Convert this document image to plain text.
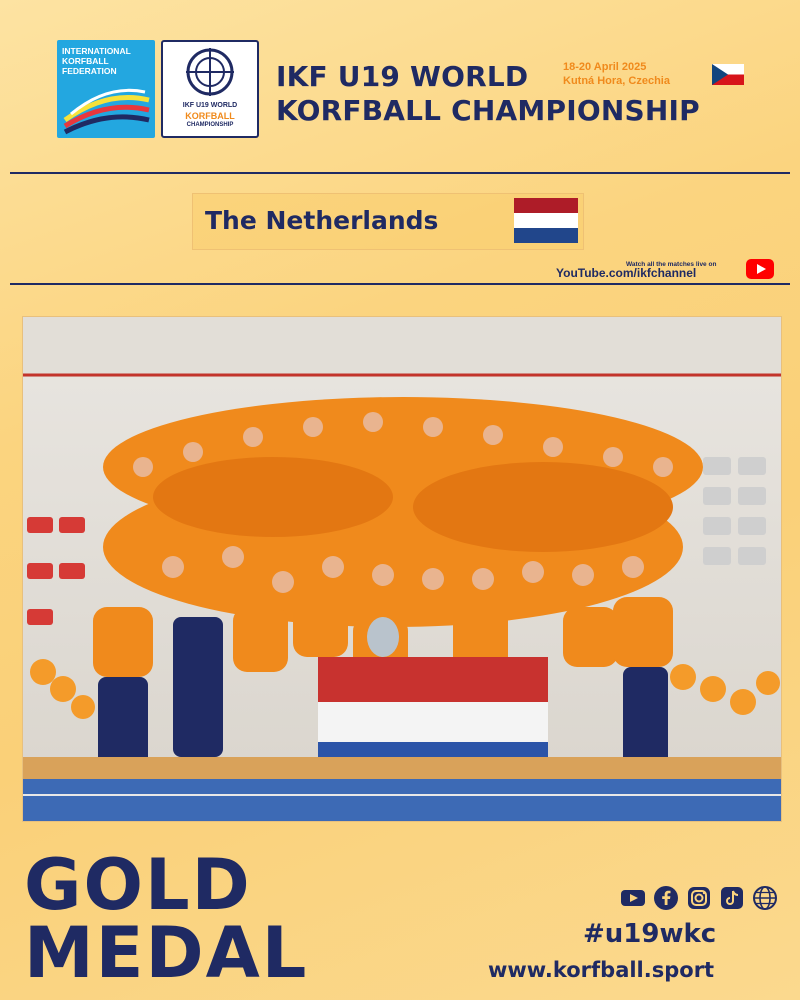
INTERNATIONAL KORFBALL FEDERATION
IKF U19 WORLD
KORFBALL
CHAMPIONSHIP
IKF U19 WORLD
KORFBALL CHAMPIONSHIP
18-20 April 2025
Kutná Hora, Czechia
The Netherlands
Watch all the matches live on
YouTube.com/ikfchannel
GOLD
MEDAL	#u19wkc
www.korfball.sport
